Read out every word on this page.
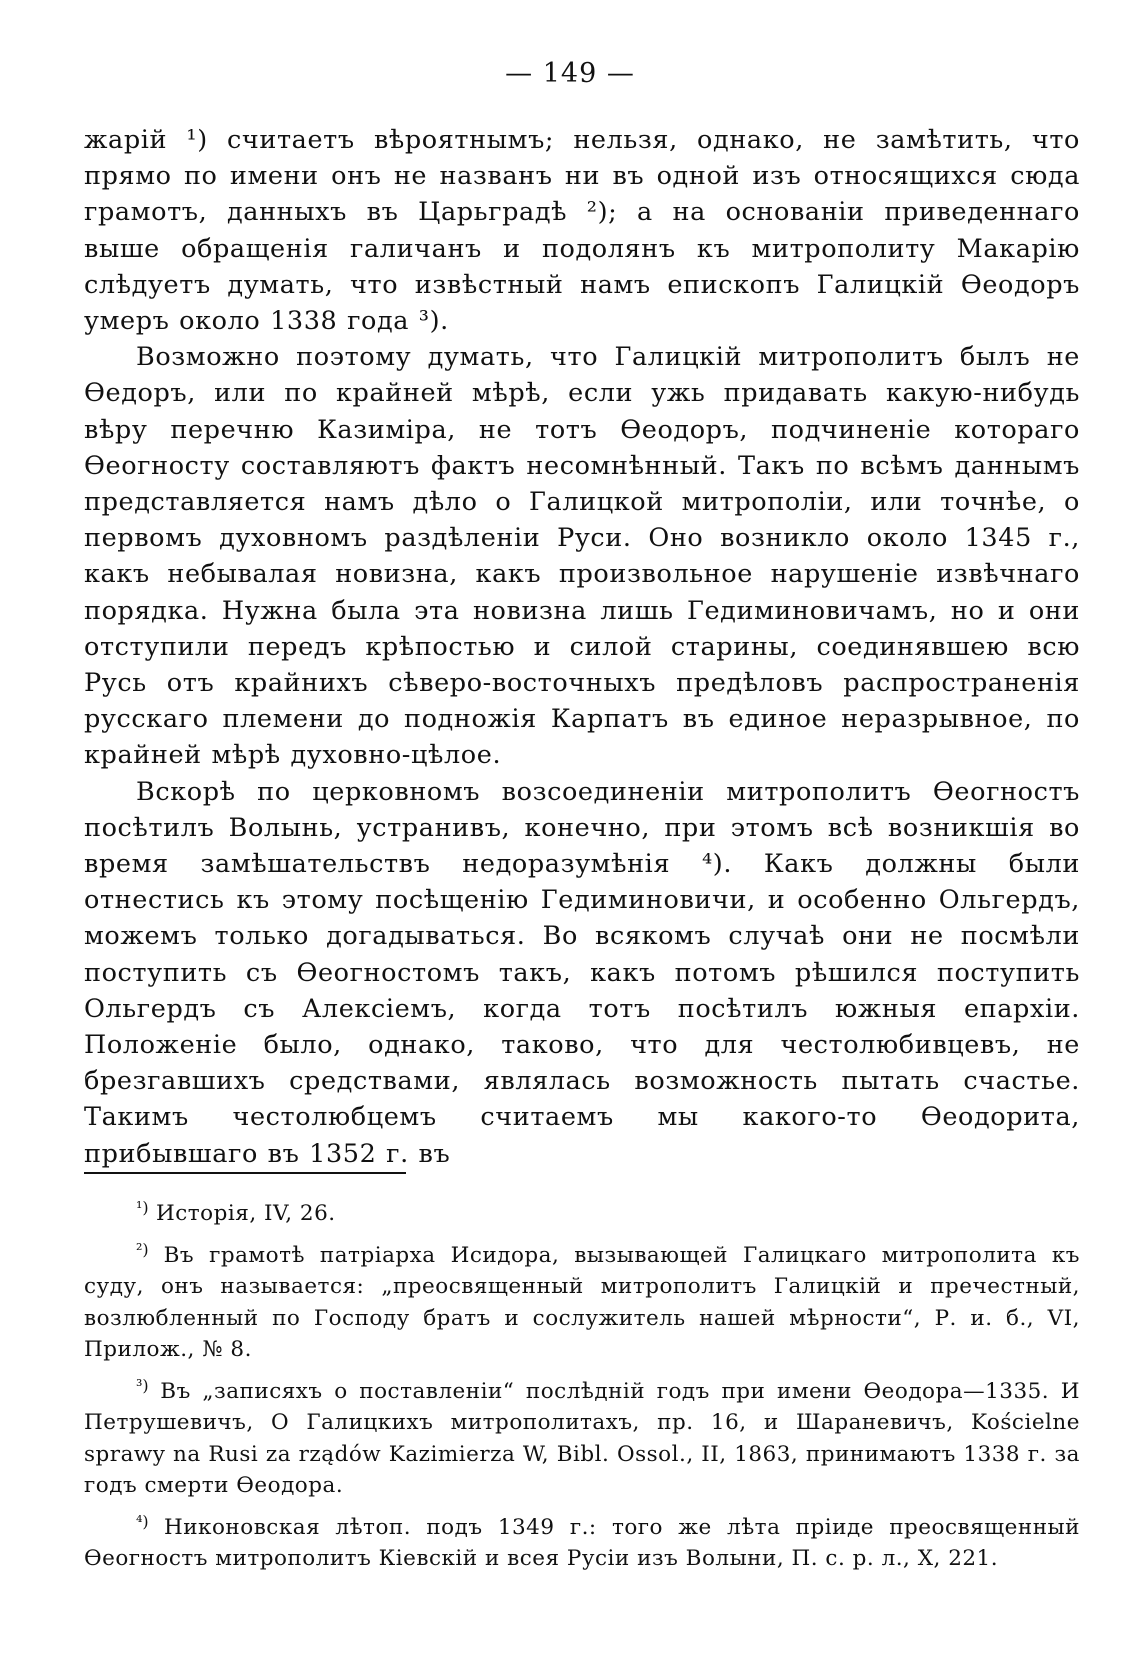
— 149 —

жарій ¹) считаетъ вѣроятнымъ; нельзя, однако, не замѣтить, что прямо по имени онъ не названъ ни въ одной изъ относящихся сюда грамотъ, данныхъ въ Царьградѣ ²); а на основаніи приведеннаго выше обращенія галичанъ и подолянъ къ митрополиту Макарію слѣдуетъ думать, что извѣстный намъ епископъ Галицкій Ѳеодоръ умеръ около 1338 года ³).

Возможно поэтому думать, что Галицкій митрополитъ былъ не Ѳедоръ, или по крайней мѣрѣ, если ужь придавать какую-нибудь вѣру перечню Казиміра, не тотъ Ѳеодоръ, подчиненіе котораго Ѳеогносту составляютъ фактъ несомнѣнный. Такъ по всѣмъ даннымъ представляется намъ дѣло о Галицкой митрополіи, или точнѣе, о первомъ духовномъ раздѣленіи Руси. Оно возникло около 1345 г., какъ небывалая новизна, какъ произвольное нарушеніе извѣчнаго порядка. Нужна была эта новизна лишь Гедиминовичамъ, но и они отступили передъ крѣпостью и силой старины, соединявшею всю Русь отъ крайнихъ сѣверо-восточныхъ предѣловъ распространенія русскаго племени до подножія Карпатъ въ единое неразрывное, по крайней мѣрѣ духовно-цѣлое.

Вскорѣ по церковномъ возсоединеніи митрополитъ Ѳеогностъ посѣтилъ Волынь, устранивъ, конечно, при этомъ всѣ возникшія во время замѣшательствъ недоразумѣнія ⁴). Какъ должны были отнестись къ этому посѣщенію Гедиминовичи, и особенно Ольгердъ, можемъ только догадываться. Во всякомъ случаѣ они не посмѣли поступить съ Ѳеогностомъ такъ, какъ потомъ рѣшился поступить Ольгердъ съ Алексіемъ, когда тотъ посѣтилъ южныя епархіи. Положеніе было, однако, таково, что для честолюбивцевъ, не брезгавшихъ средствами, являлась возможность пытать счастье. Такимъ честолюбцемъ считаемъ мы какого-то Ѳеодорита, прибывшаго въ 1352 г. въ

$^{^1)}$ Исторія, IV, 26.

$^{^2)}$ Въ грамотѣ патріарха Исидора, вызывающей Галицкаго митрополита къ суду, онъ называется: „преосвященный митрополитъ Галицкій и пречестный, возлюбленный по Господу братъ и сослужитель нашей мѣрности“, Р. и. б., VI, Прилож., № 8.

$^{^3)}$ Въ „записяхъ о поставленіи“ послѣдній годъ при имени Ѳеодора—1335. И Петрушевичъ, О Галицкихъ митрополитахъ, пр. 16, и Шараневичъ, Kościelne sprawy na Rusi za rządów Kazimierza W, Bibl. Ossol., II, 1863, принимаютъ 1338 г. за годъ смерти Ѳеодора.

$^{^4)}$ Никоновская лѣтоп. подъ 1349 г.: того же лѣта пріиде преосвященный Ѳеогностъ митрополитъ Кіевскій и всея Русіи изъ Волыни, П. с. р. л., X, 221.
